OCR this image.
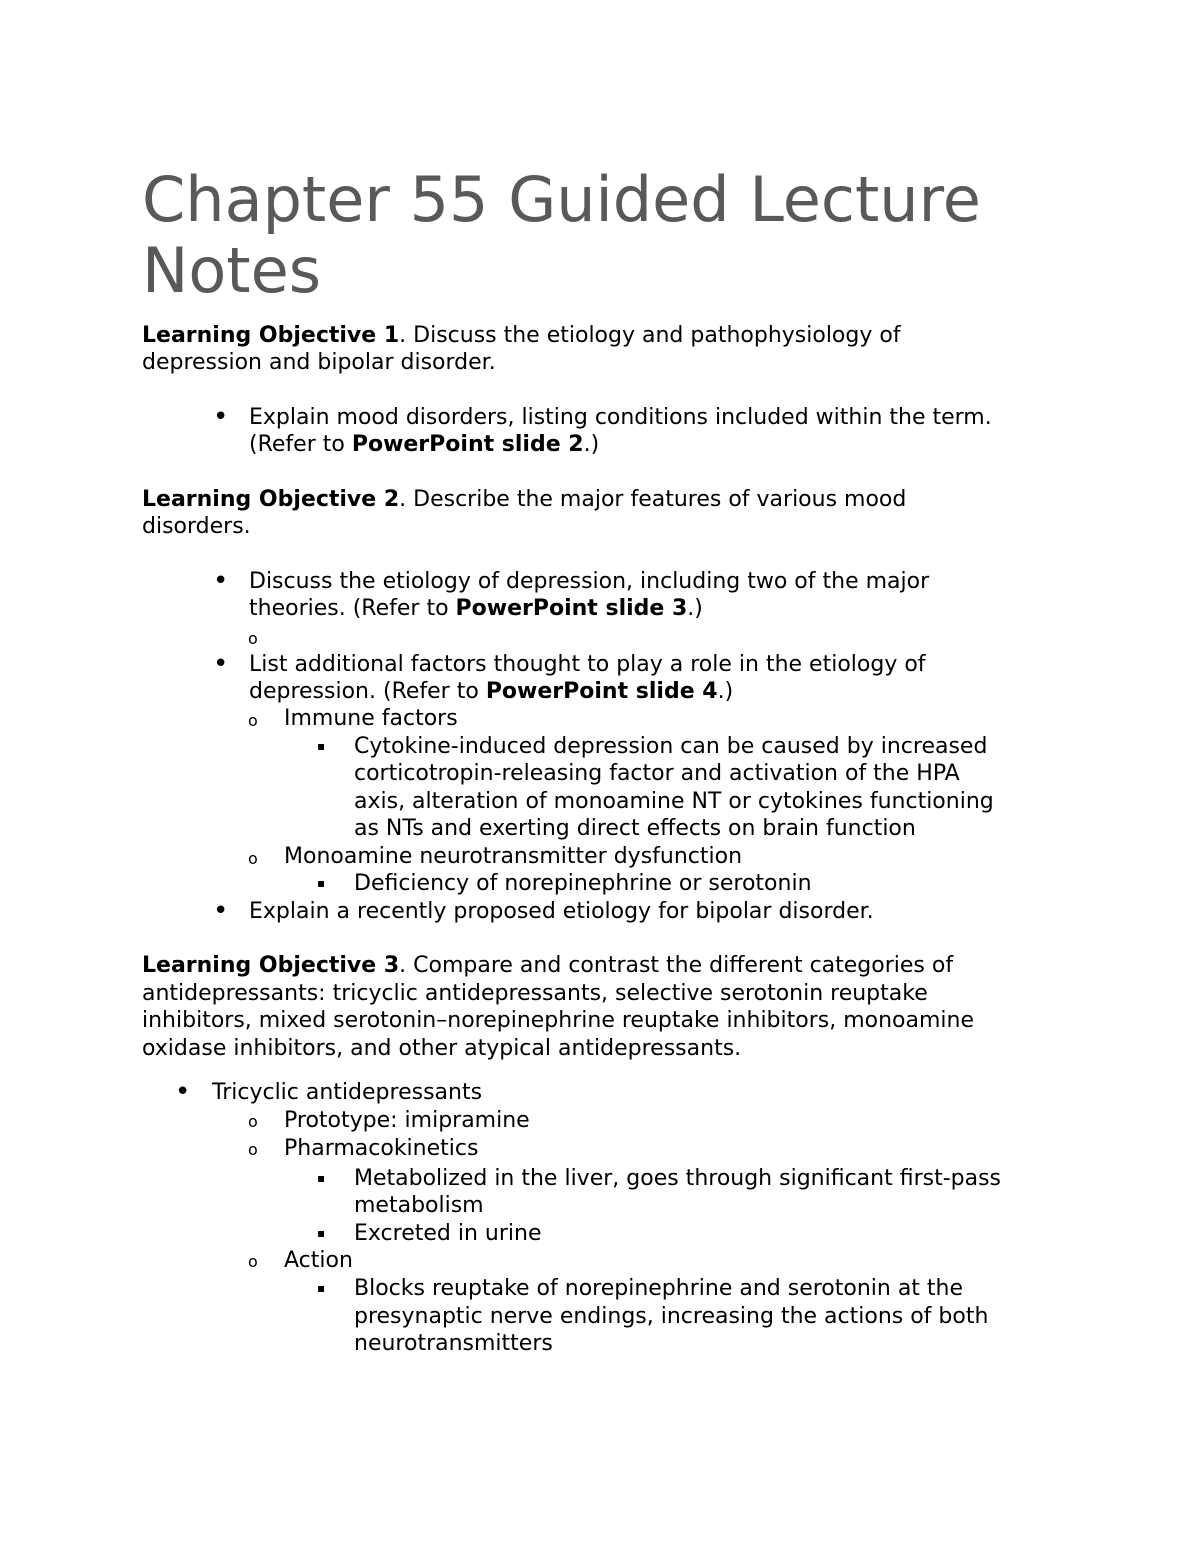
Chapter 55 Guided Lecture Notes

Learning Objective 1. Discuss the etiology and pathophysiology of

depression and bipolar disorder.

• Explain mood disorders, listing conditions included within the term.

(Refer to PowerPoint slide 2.)

Learning Objective 2. Describe the major features of various mood

disorders.

• Discuss the etiology of depression, including two of the major

theories. (Refer to PowerPoint slide 3.)

o
• List additional factors thought to play a role in the etiology of

depression. (Refer to PowerPoint slide 4.)

o Immune factors

▪ Cytokine-induced depression can be caused by increased

corticotropin-releasing factor and activation of the HPA

axis, alteration of monoamine NT or cytokines functioning

as NTs and exerting direct effects on brain function

o Monoamine neurotransmitter dysfunction

▪ Deficiency of norepinephrine or serotonin

• Explain a recently proposed etiology for bipolar disorder.

Learning Objective 3. Compare and contrast the different categories of

antidepressants: tricyclic antidepressants, selective serotonin reuptake

inhibitors, mixed serotonin–norepinephrine reuptake inhibitors, monoamine

oxidase inhibitors, and other atypical antidepressants.

• Tricyclic antidepressants

o Prototype: imipramine

o Pharmacokinetics

▪ Metabolized in the liver, goes through significant first-pass

metabolism

▪ Excreted in urine

o Action

▪ Blocks reuptake of norepinephrine and serotonin at the

presynaptic nerve endings, increasing the actions of both

neurotransmitters
